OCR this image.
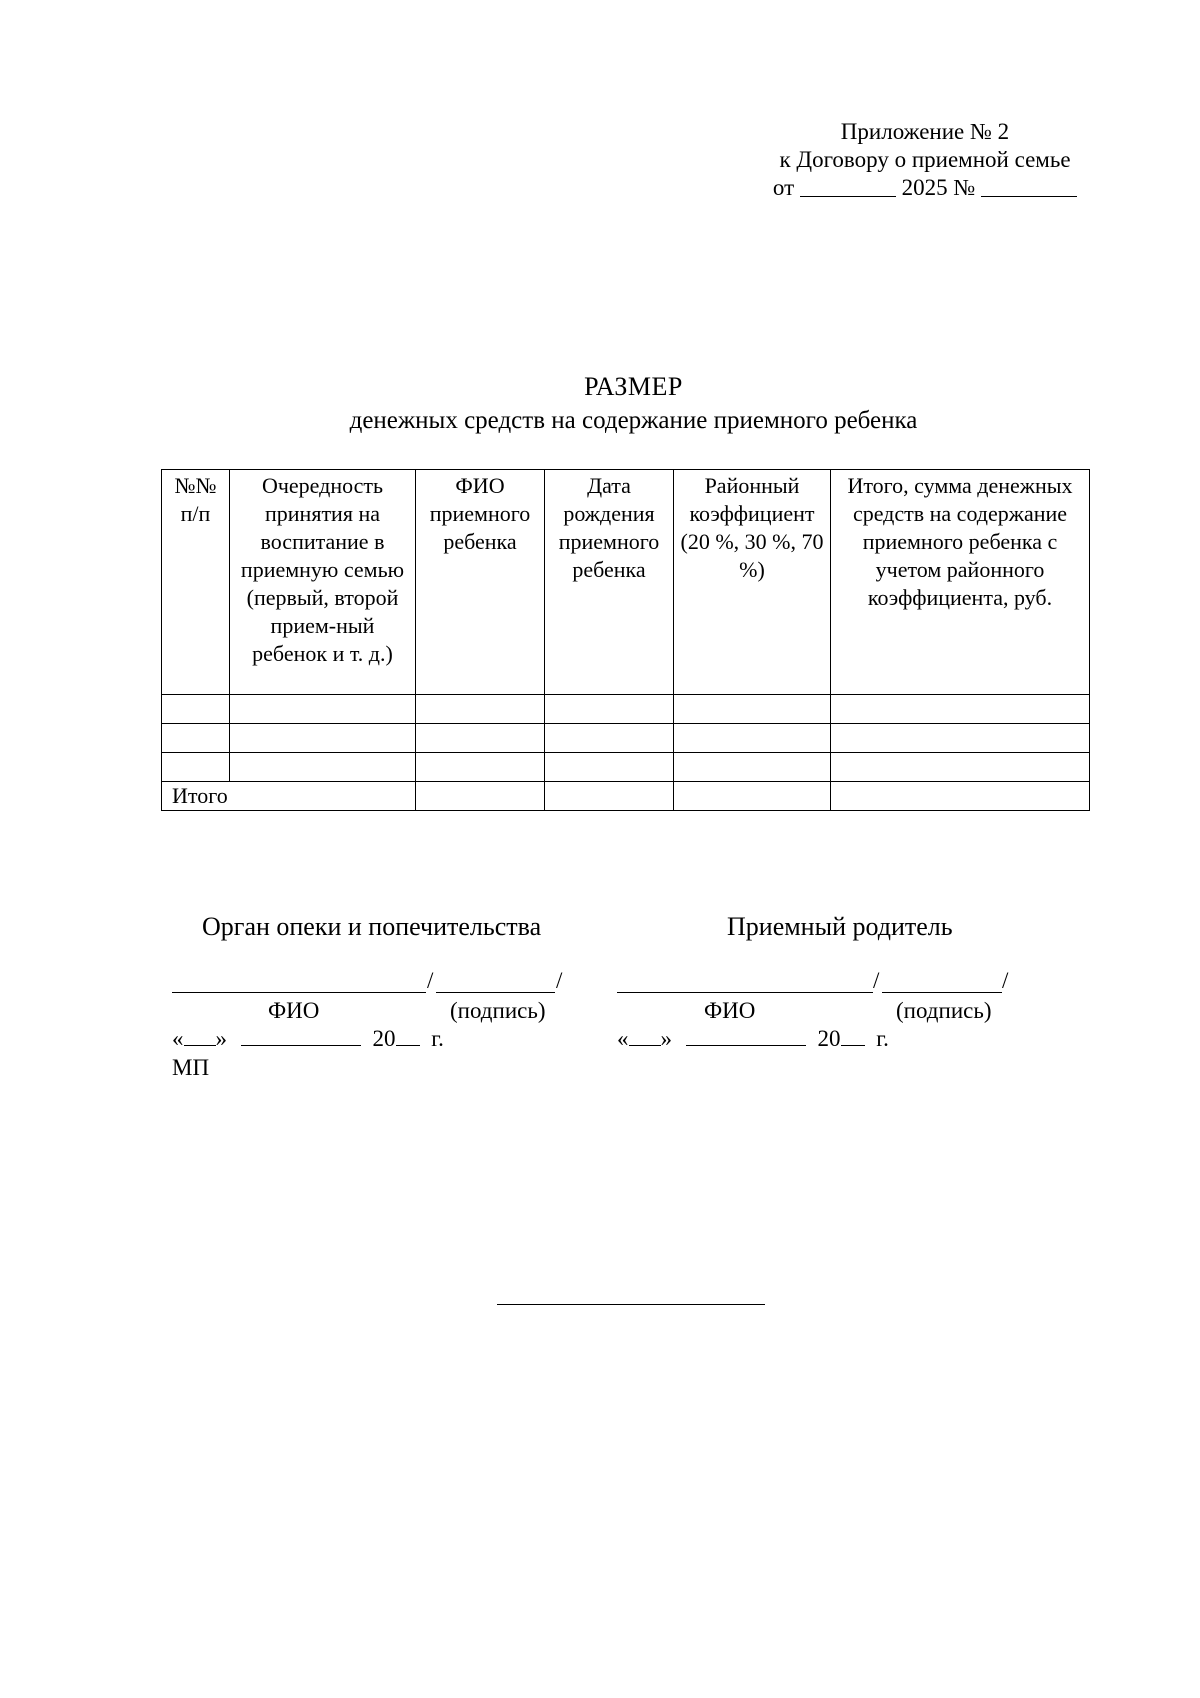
Приложение № 2
к Договору о приемной семье
от	2025 №
РАЗМЕР
денежных средств на содержание приемного ребенка
№№ п/п	Очередность принятия на воспитание в приемную семью (первый, второй прием-ный ребенок и т. д.)	ФИО приемного ребенка	Дата рождения приемного ребенка	Районный коэффициент (20 %, 30 %, 70 %)	Итого, сумма денежных средств на содержание приемного ребенка с учетом районного коэффициента, руб.

Итого					
Орган опеки и попечительства
/	/
ФИО	(подпись)
« »	20 г.
МП
Приемный родитель
/	/
ФИО	(подпись)
« »	20 г.
